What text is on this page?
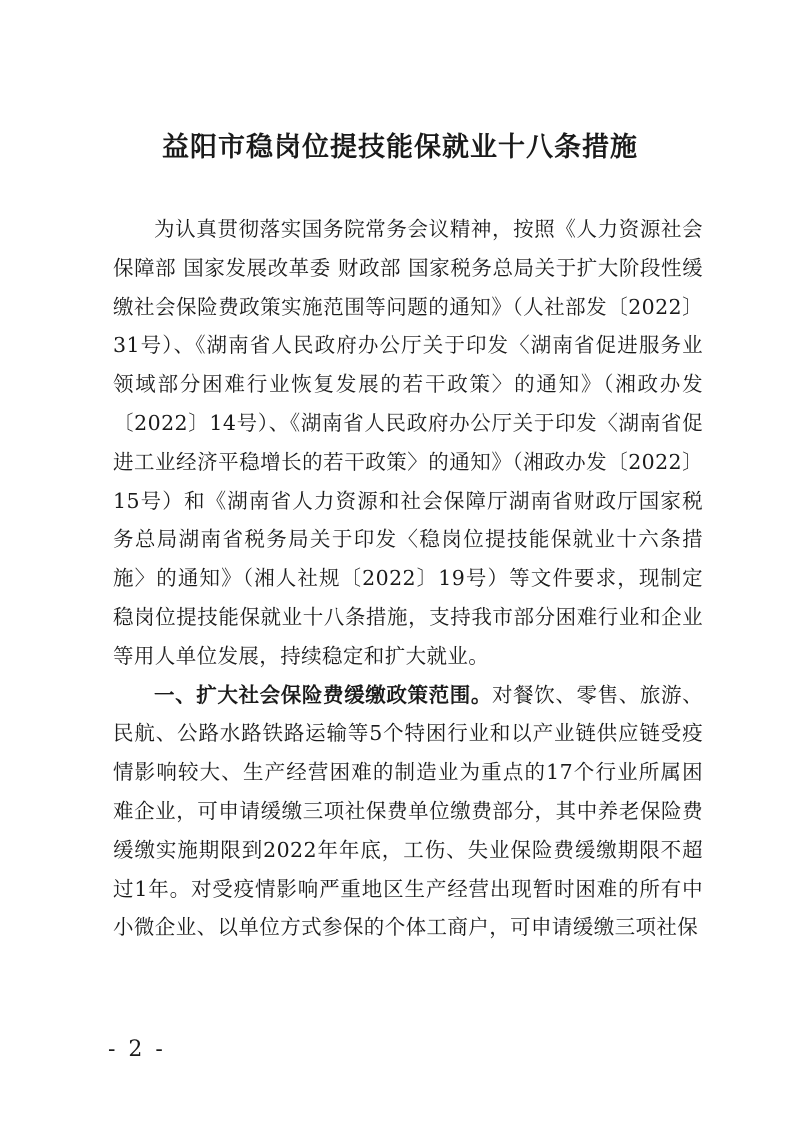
益阳市稳岗位提技能保就业十八条措施

为认真贯彻落实国务院常务会议精神，按照《人力资源社会保障部 国家发展改革委 财政部 国家税务总局关于扩大阶段性缓缴社会保险费政策实施范围等问题的通知》（人社部发〔2022〕31号）、《湖南省人民政府办公厅关于印发〈湖南省促进服务业领域部分困难行业恢复发展的若干政策〉的通知》（湘政办发〔2022〕14号）、《湖南省人民政府办公厅关于印发〈湖南省促进工业经济平稳增长的若干政策〉的通知》（湘政办发〔2022〕15号）和《湖南省人力资源和社会保障厅湖南省财政厅国家税务总局湖南省税务局关于印发〈稳岗位提技能保就业十六条措施〉的通知》（湘人社规〔2022〕19号）等文件要求，现制定稳岗位提技能保就业十八条措施，支持我市部分困难行业和企业等用人单位发展，持续稳定和扩大就业。

一、扩大社会保险费缓缴政策范围。对餐饮、零售、旅游、民航、公路水路铁路运输等5个特困行业和以产业链供应链受疫情影响较大、生产经营困难的制造业为重点的17个行业所属困难企业，可申请缓缴三项社保费单位缴费部分，其中养老保险费缓缴实施期限到2022年年底，工伤、失业保险费缓缴期限不超过1年。对受疫情影响严重地区生产经营出现暂时困难的所有中小微企业、以单位方式参保的个体工商户，可申请缓缴三项社保

- 2 -
